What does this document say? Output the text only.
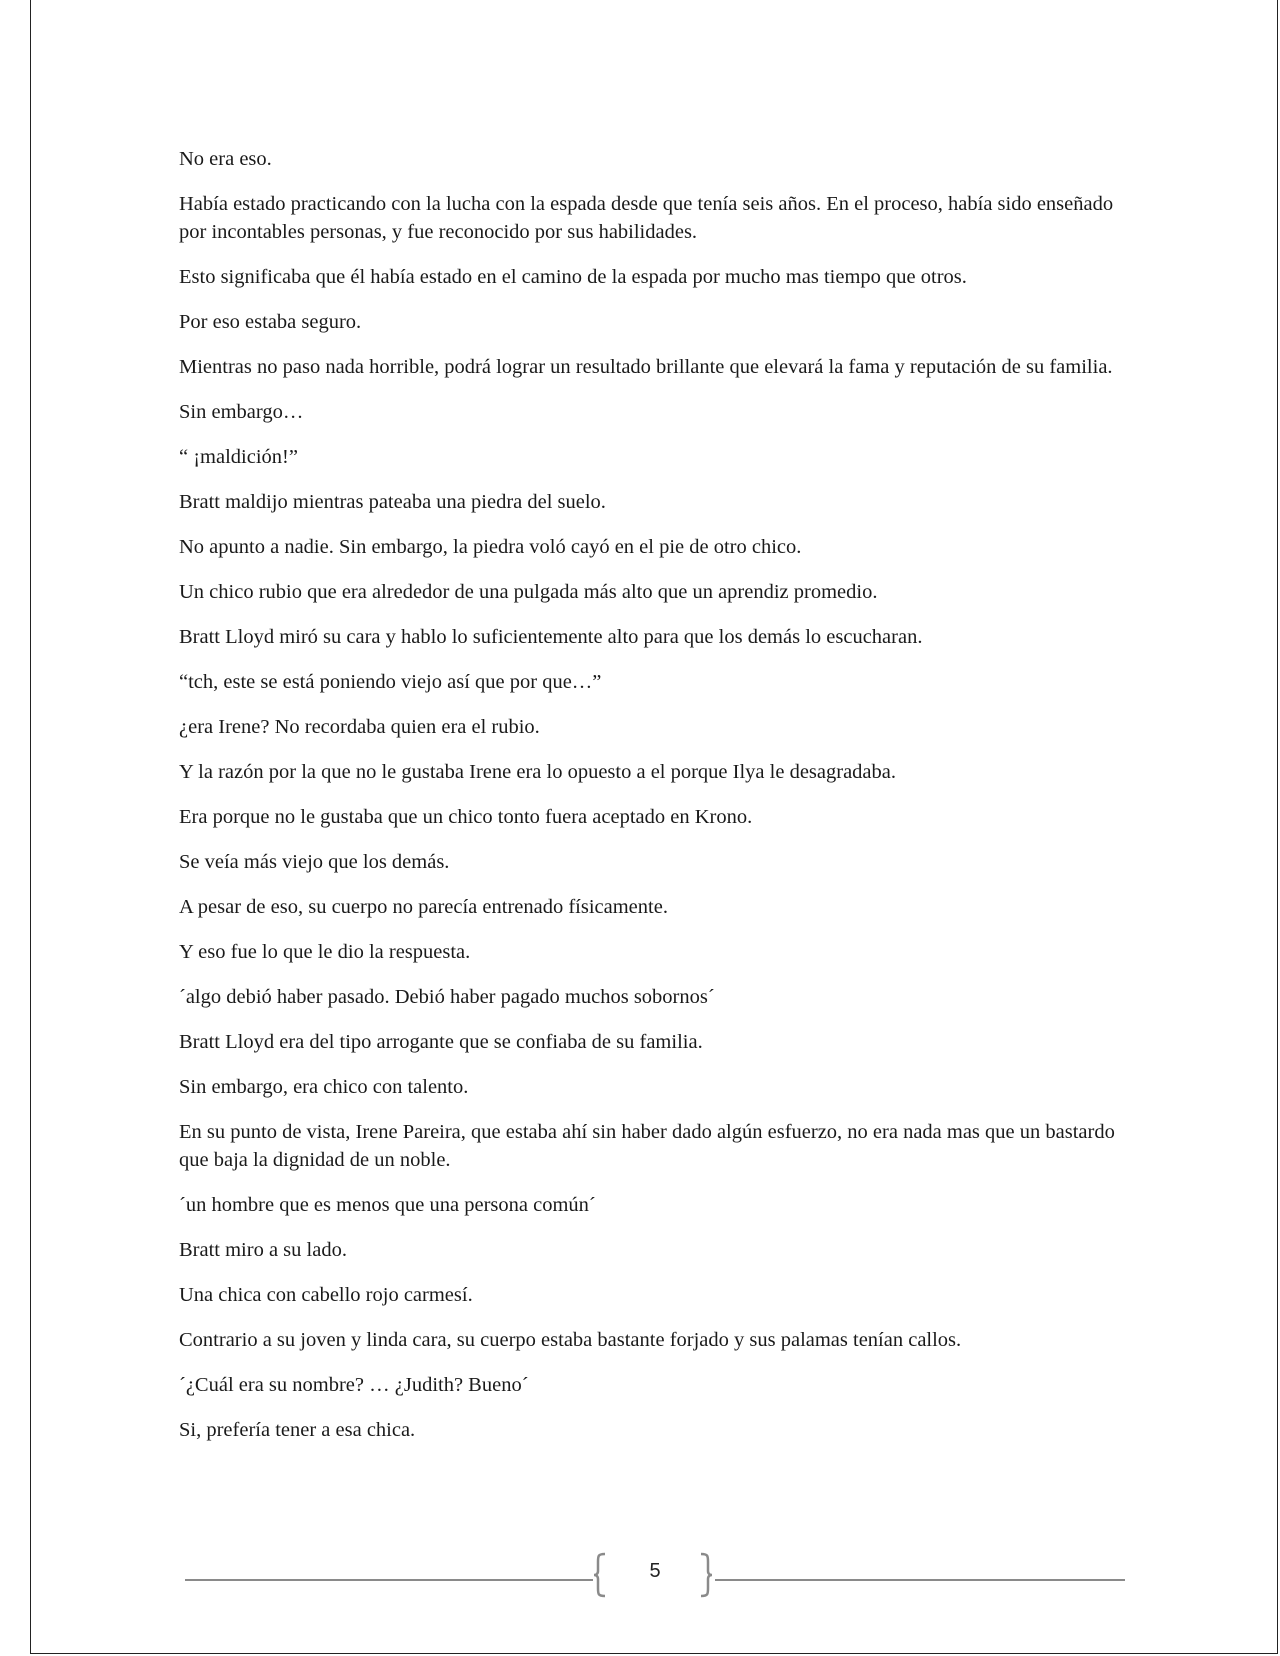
No era eso.

Había estado practicando con la lucha con la espada desde que tenía seis años. En el proceso, había sido enseñado por incontables personas, y fue reconocido por sus habilidades.

Esto significaba que él había estado en el camino de la espada por mucho mas tiempo que otros.

Por eso estaba seguro.

Mientras no paso nada horrible, podrá lograr un resultado brillante que elevará la fama y reputación de su familia.

Sin embargo…

“ ¡maldición!”

Bratt maldijo mientras pateaba una piedra del suelo.

No apunto a nadie. Sin embargo, la piedra voló cayó en el pie de otro chico.

Un chico rubio que era alrededor de una pulgada más alto que un aprendiz promedio.

Bratt Lloyd miró su cara y hablo lo suficientemente alto para que los demás lo escucharan.

“tch, este se está poniendo viejo así que por que…”

¿era Irene? No recordaba quien era el rubio.

Y la razón por la que no le gustaba Irene era lo opuesto a el porque Ilya le desagradaba.

Era porque no le gustaba que un chico tonto fuera aceptado en Krono.

Se veía más viejo que los demás.

A pesar de eso, su cuerpo no parecía entrenado físicamente.

Y eso fue lo que le dio la respuesta.

´algo debió haber pasado. Debió haber pagado muchos sobornos´

Bratt Lloyd era del tipo arrogante que se confiaba de su familia.

Sin embargo, era chico con talento.

En su punto de vista, Irene Pareira, que estaba ahí sin haber dado algún esfuerzo, no era nada mas que un bastardo que baja la dignidad de un noble.

´un hombre que es menos que una persona común´

Bratt miro a su lado.

Una chica con cabello rojo carmesí.

Contrario a su joven y linda cara, su cuerpo estaba bastante forjado y sus palamas tenían callos.

´¿Cuál era su nombre? … ¿Judith? Bueno´

Si, prefería tener a esa chica.

5
